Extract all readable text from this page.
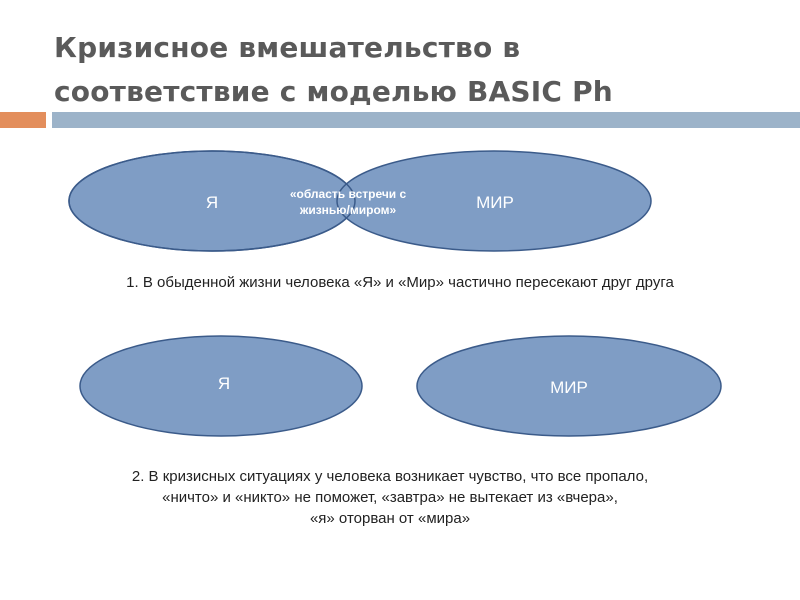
Кризисное вмешательство в
соответствие с моделью BASIC Ph
Я	МИР
«область встречи с жизнью/миром»
1. В обыденной жизни человека «Я» и «Мир» частично пересекают друг друга
Я	МИР
2. В кризисных ситуациях у человека возникает чувство, что все пропало,
«ничто» и «никто» не поможет, «завтра» не вытекает из «вчера»,
«я» оторван от «мира»
